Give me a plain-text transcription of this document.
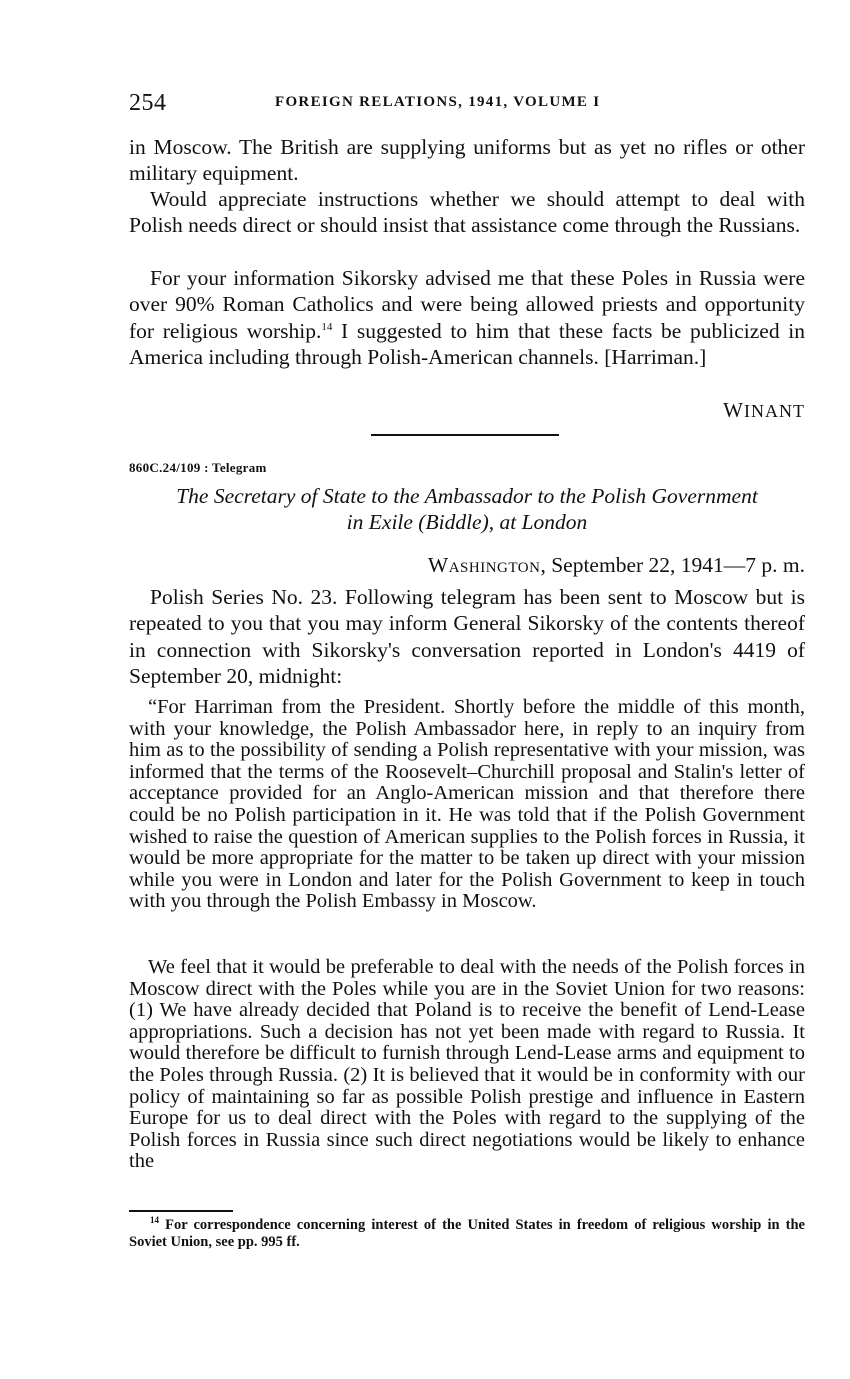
254	FOREIGN RELATIONS, 1941, VOLUME I

in Moscow. The British are supplying uniforms but as yet no rifles or other military equipment.

Would appreciate instructions whether we should attempt to deal with Polish needs direct or should insist that assistance come through the Russians.

For your information Sikorsky advised me that these Poles in Russia were over 90% Roman Catholics and were being allowed priests and opportunity for religious worship.$^{14}$ I suggested to him that these facts be publicized in America including through Polish-American channels. [Harriman.]

WINANT
860C.24/109 : Telegram
The Secretary of State to the Ambassador to the Polish Government
in Exile (Biddle), at London
Washington, September 22, 1941—7 p. m.

Polish Series No. 23. Following telegram has been sent to Moscow but is repeated to you that you may inform General Sikorsky of the contents thereof in connection with Sikorsky's conversation reported in London's 4419 of September 20, midnight:

“For Harriman from the President. Shortly before the middle of this month, with your knowledge, the Polish Ambassador here, in reply to an inquiry from him as to the possibility of sending a Polish representative with your mission, was informed that the terms of the Roosevelt–Churchill proposal and Stalin's letter of acceptance provided for an Anglo-American mission and that therefore there could be no Polish participation in it. He was told that if the Polish Government wished to raise the question of American supplies to the Polish forces in Russia, it would be more appropriate for the matter to be taken up direct with your mission while you were in London and later for the Polish Government to keep in touch with you through the Polish Embassy in Moscow.

We feel that it would be preferable to deal with the needs of the Polish forces in Moscow direct with the Poles while you are in the Soviet Union for two reasons: (1) We have already decided that Poland is to receive the benefit of Lend-Lease appropriations. Such a decision has not yet been made with regard to Russia. It would therefore be difficult to furnish through Lend-Lease arms and equipment to the Poles through Russia. (2) It is believed that it would be in conformity with our policy of maintaining so far as possible Polish prestige and influence in Eastern Europe for us to deal direct with the Poles with regard to the supplying of the Polish forces in Russia since such direct negotiations would be likely to enhance the

$^{14}$ For correspondence concerning interest of the United States in freedom of religious worship in the Soviet Union, see pp. 995 ff.
